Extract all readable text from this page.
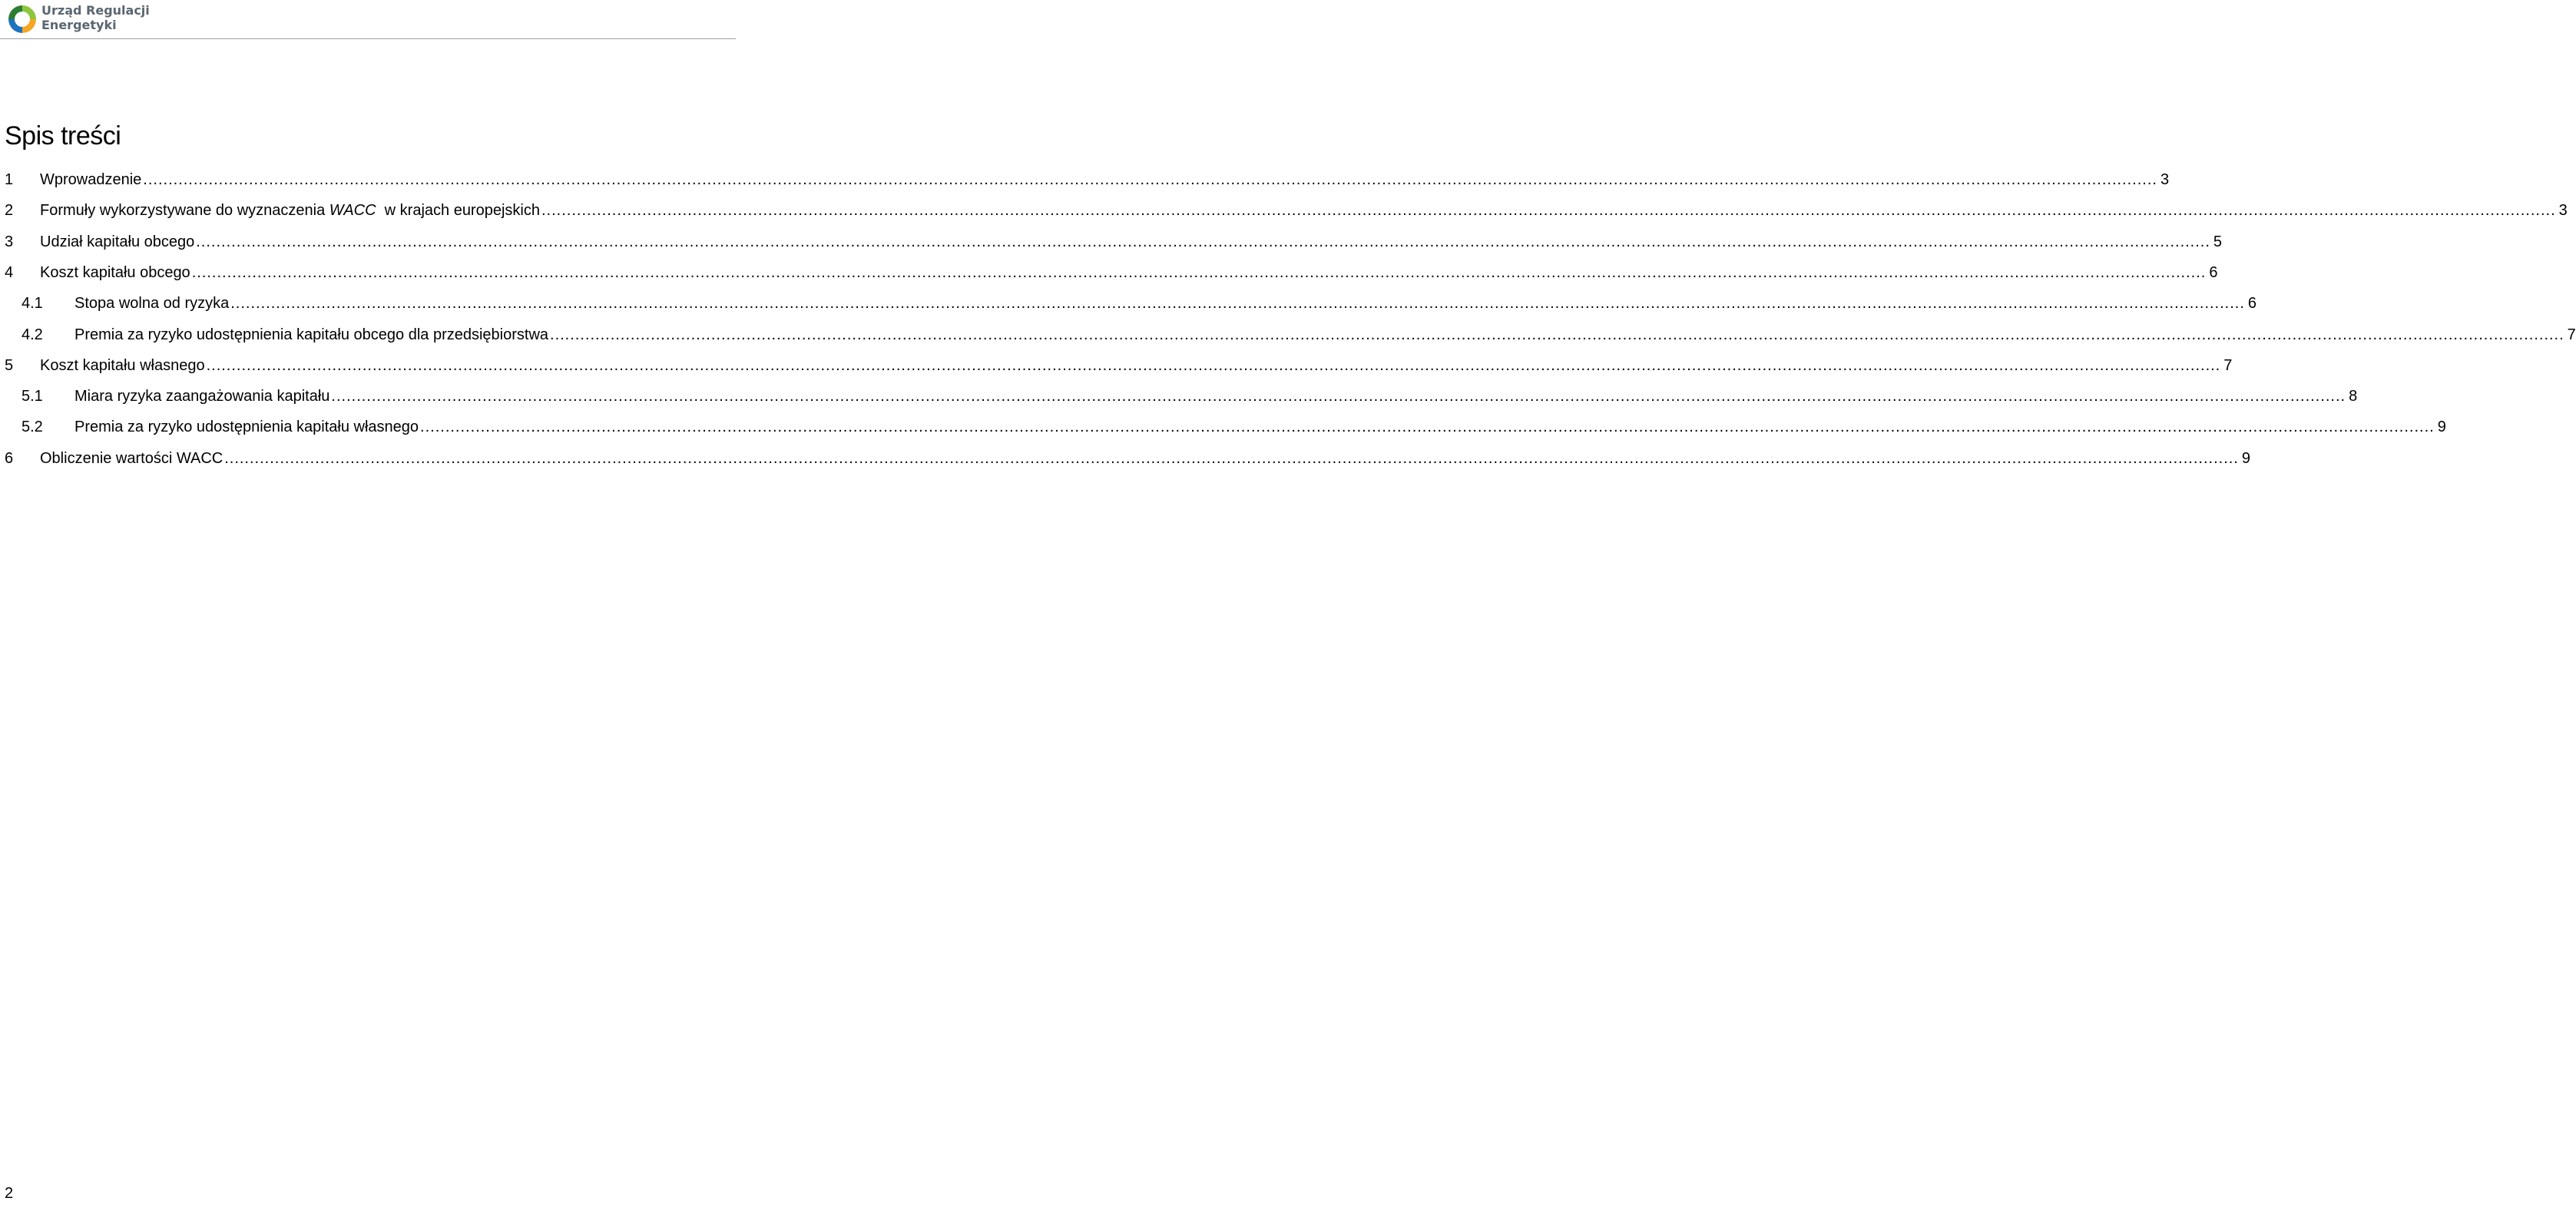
Urząd Regulacji
Energetyki
Spis treści
1 Wprowadzenie ................................................................................................................................................................................................................................................................................................................................................................................................................ 3
2 Formuły wykorzystywane do wyznaczenia WACC  w krajach europejskich ................................................................................................................................................................................................................................................................................................................................................................................................................ 3
3 Udział kapitału obcego ................................................................................................................................................................................................................................................................................................................................................................................................................ 5
4 Koszt kapitału obcego ................................................................................................................................................................................................................................................................................................................................................................................................................ 6
4.1 Stopa wolna od ryzyka ................................................................................................................................................................................................................................................................................................................................................................................................................ 6
4.2 Premia za ryzyko udostępnienia kapitału obcego dla przedsiębiorstwa ................................................................................................................................................................................................................................................................................................................................................................................................................ 7
5 Koszt kapitału własnego ................................................................................................................................................................................................................................................................................................................................................................................................................ 7
5.1 Miara ryzyka zaangażowania kapitału ................................................................................................................................................................................................................................................................................................................................................................................................................ 8
5.2 Premia za ryzyko udostępnienia kapitału własnego ................................................................................................................................................................................................................................................................................................................................................................................................................ 9
6 Obliczenie wartości WACC ................................................................................................................................................................................................................................................................................................................................................................................................................ 9
2
